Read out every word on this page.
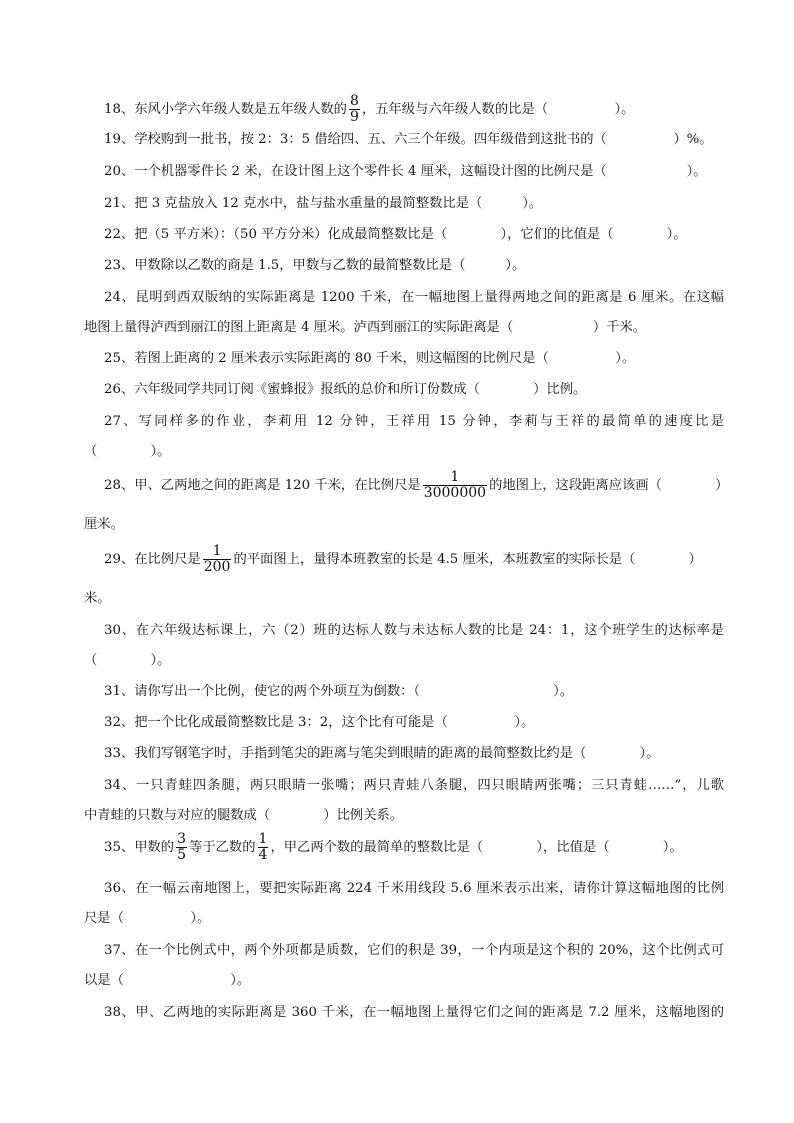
18、东风小学六年级人数是五年级人数的 $\frac{8}{9}$ ，五年级与六年级人数的比是（　　　　　）。
19、学校购到一批书，按 2：3：5 借给四、五、六三个年级。四年级借到这批书的（　　　　　）%。
20、一个机器零件长 2 米，在设计图上这个零件长 4 厘米，这幅设计图的比例尺是（　　　　　　）。
21、把 3 克盐放入 12 克水中，盐与盐水重量的最简整数比是（　　　）。
22、把（5 平方米）：（50 平方分米）化成最简整数比是（　　　　），它们的比值是（　　　　）。
23、甲数除以乙数的商是 1.5，甲数与乙数的最简整数比是（　　　）。
24、昆明到西双版纳的实际距离是 1200 千米，在一幅地图上量得两地之间的距离是 6 厘米。在这幅
地图上量得泸西到丽江的图上距离是 4 厘米。泸西到丽江的实际距离是（　　　　　　）千米。
25、若图上距离的 2 厘米表示实际距离的 80 千米，则这幅图的比例尺是（　　　　　）。
26、六年级同学共同订阅《蜜蜂报》报纸的总价和所订份数成（　　　　）比例。
27、写同样多的作业，李莉用 12 分钟，王祥用 15 分钟，李莉与王祥的最简单的速度比是
（　　　　）。
28、甲、乙两地之间的距离是 120 千米，在比例尺是 $\frac{1}{3000000}$ 的地图上，这段距离应该画（　　　　）
厘米。
29、在比例尺是 $\frac{1}{200}$ 的平面图上，量得本班教室的长是 4.5 厘米，本班教室的实际长是（　　　　）
米。
30、在六年级达标课上，六（2）班的达标人数与未达标人数的比是 24：1，这个班学生的达标率是
（　　　　）。
31、请你写出一个比例，使它的两个外项互为倒数：（　　　　　　　　　　）。
32、把一个比化成最简整数比是 3：2，这个比有可能是（　　　　　）。
33、我们写钢笔字时，手指到笔尖的距离与笔尖到眼睛的距离的最简整数比约是（　　　　）。
34、一只青蛙四条腿，两只眼睛一张嘴；两只青蛙八条腿，四只眼睛两张嘴；三只青蛙……”，儿歌
中青蛙的只数与对应的腿数成（　　　　）比例关系。
35、甲数的 $\frac{3}{5}$ 等于乙数的 $\frac{1}{4}$ ，甲乙两个数的最简单的整数比是（　　　　），比值是（　　　　）。
36、在一幅云南地图上，要把实际距离 224 千米用线段 5.6 厘米表示出来，请你计算这幅地图的比例
尺是（　　　　　）。
37、在一个比例式中，两个外项都是质数，它们的积是 39，一个内项是这个积的 20%，这个比例式可
以是（　　　　　　　　）。
38、甲、乙两地的实际距离是 360 千米，在一幅地图上量得它们之间的距离是 7.2 厘米，这幅地图的
